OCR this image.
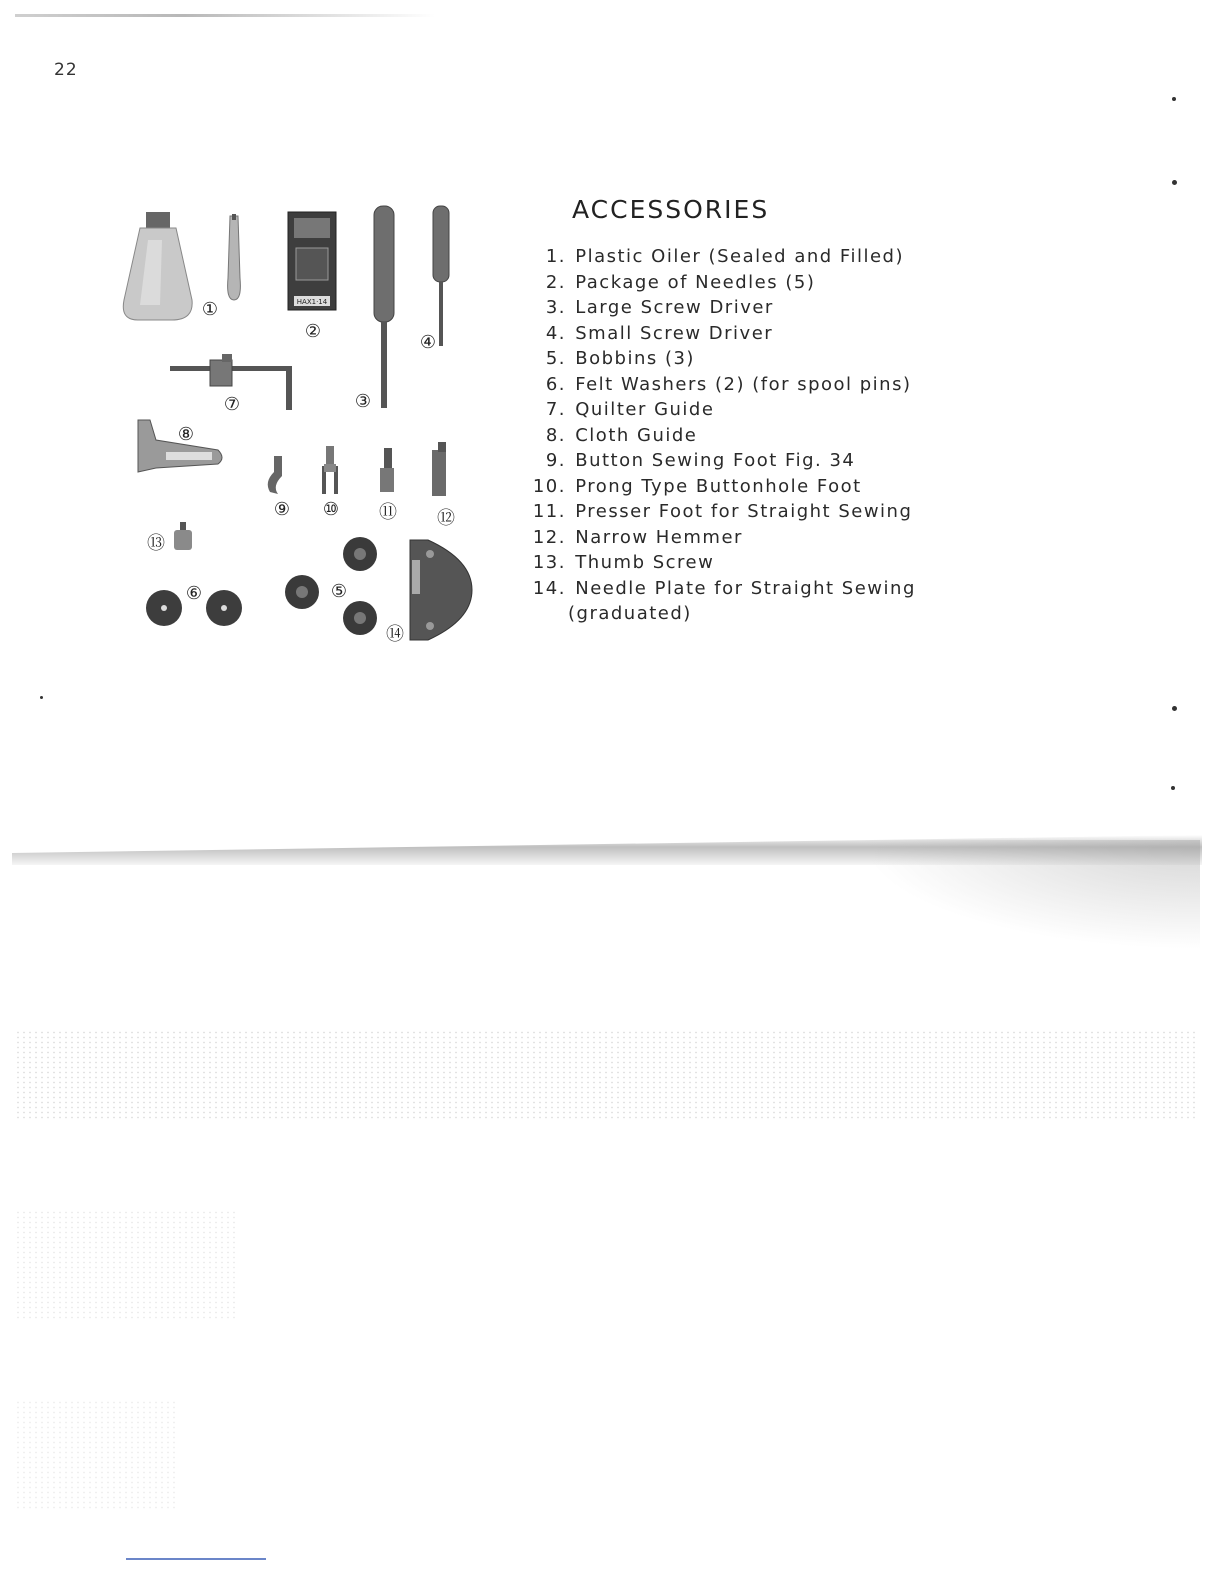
22
HAX1·14
①
②
③
④
⑤
⑥
⑦
⑧
⑨ ⑩ ⑪ ⑫
⑬
⑭
ACCESSORIES
1.
Plastic Oiler (Sealed and Filled)
2.
Package of Needles (5)
3.
Large Screw Driver
4.
Small Screw Driver
5.
Bobbins (3)
6.
Felt Washers (2) (for spool pins)
7.
Quilter Guide
8.
Cloth Guide
9.
Button Sewing Foot Fig. 34
10.
Prong Type Buttonhole Foot
11.
Presser Foot for Straight Sewing
12.
Narrow Hemmer
13.
Thumb Screw
14.
Needle Plate for Straight Sewing
(graduated)
